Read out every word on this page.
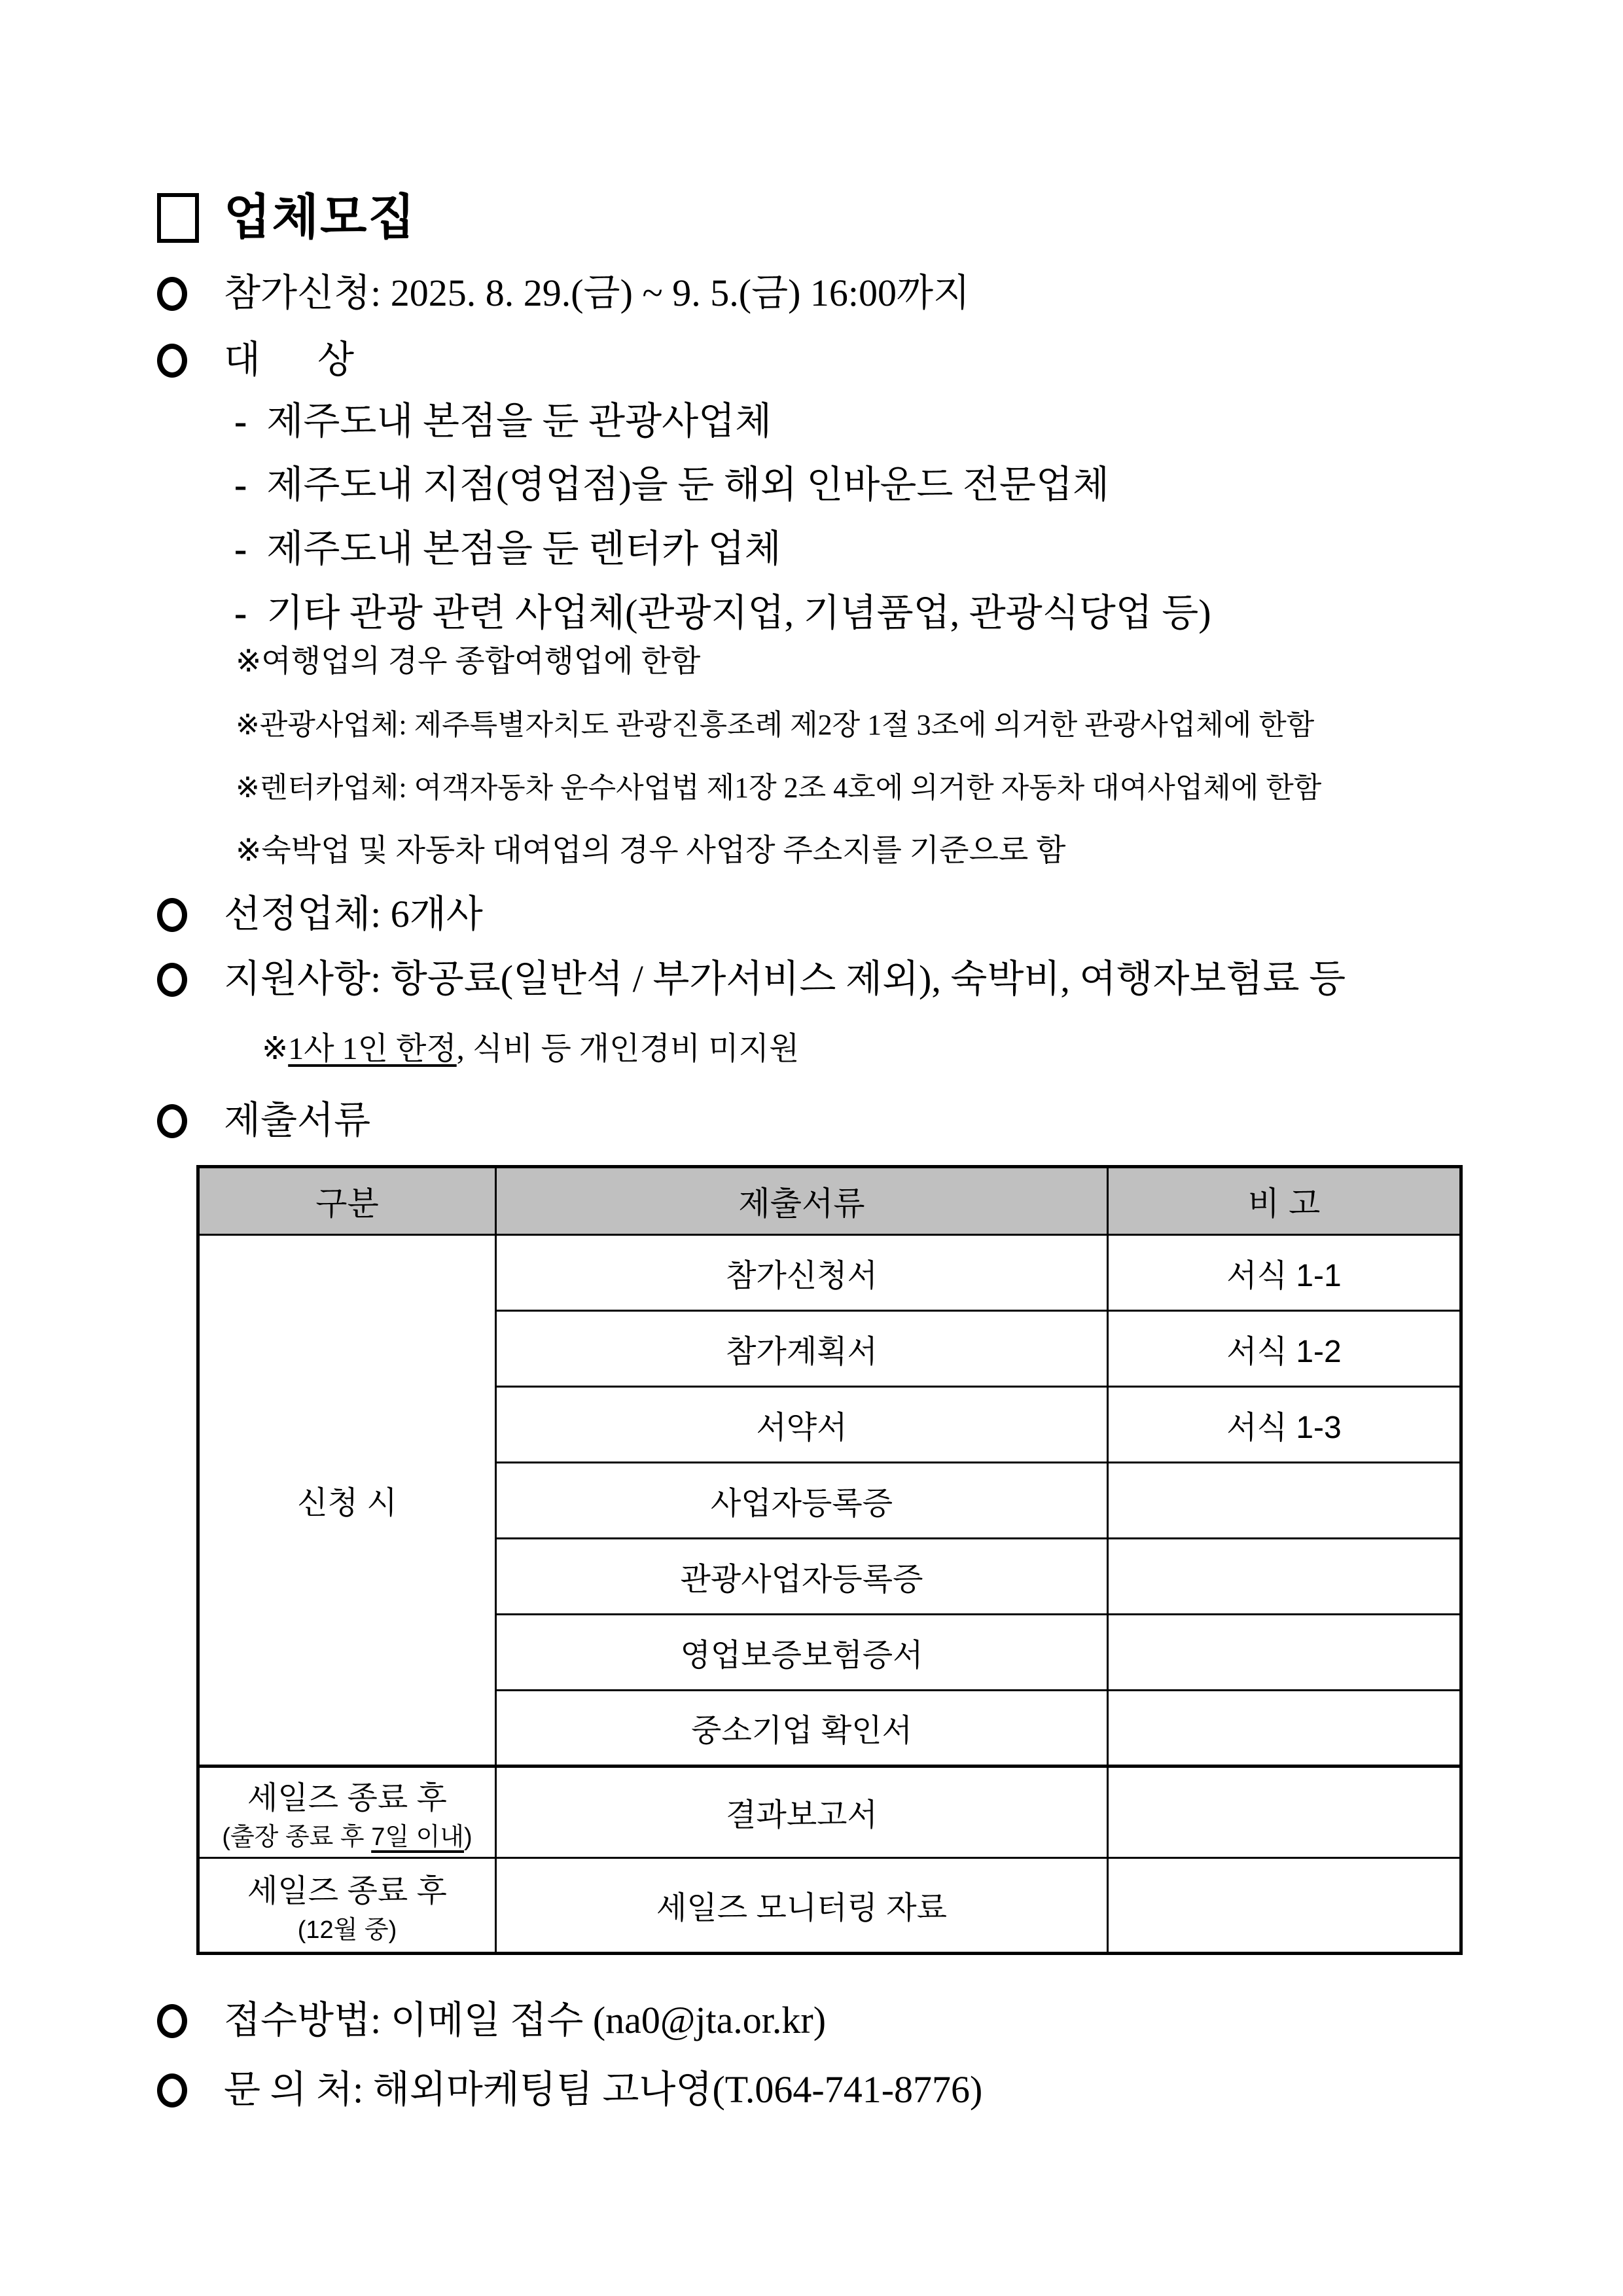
업체모집
참가신청: 2025. 8. 29.(금) ~ 9. 5.(금) 16:00까지
대      상
- 제주도내 본점을 둔 관광사업체
- 제주도내 지점(영업점)을 둔 해외 인바운드 전문업체
- 제주도내 본점을 둔 렌터카 업체
- 기타 관광 관련 사업체(관광지업, 기념품업, 관광식당업 등)
※ 여행업의 경우 종합여행업에 한함
※ 관광사업체: 제주특별자치도 관광진흥조례 제2장 1절 3조에 의거한 관광사업체에 한함
※ 렌터카업체: 여객자동차 운수사업법 제1장 2조 4호에 의거한 자동차 대여사업체에 한함
※ 숙박업 및 자동차 대여업의 경우 사업장 주소지를 기준으로 함
선정업체: 6개사
지원사항: 항공료(일반석 / 부가서비스 제외), 숙박비, 여행자보험료 등
※ 1사 1인 한정 , 식비 등 개인경비 미지원
제출서류
구분	제출서류	비 고
신청 시	참가신청서	서식 1-1
	참가계획서	서식 1-2
	서약서	서식 1-3
	사업자등록증	
	관광사업자등록증	
	영업보증보험증서	
	중소기업 확인서	
세일즈 종료 후
(출장 종료 후 7일 이내)	결과보고서	
세일즈 종료 후
(12월 중)	세일즈 모니터링 자료	
접수방법: 이메일 접수 (na0@jta.or.kr)
문 의 처: 해외마케팅팀 고나영(T.064-741-8776)
